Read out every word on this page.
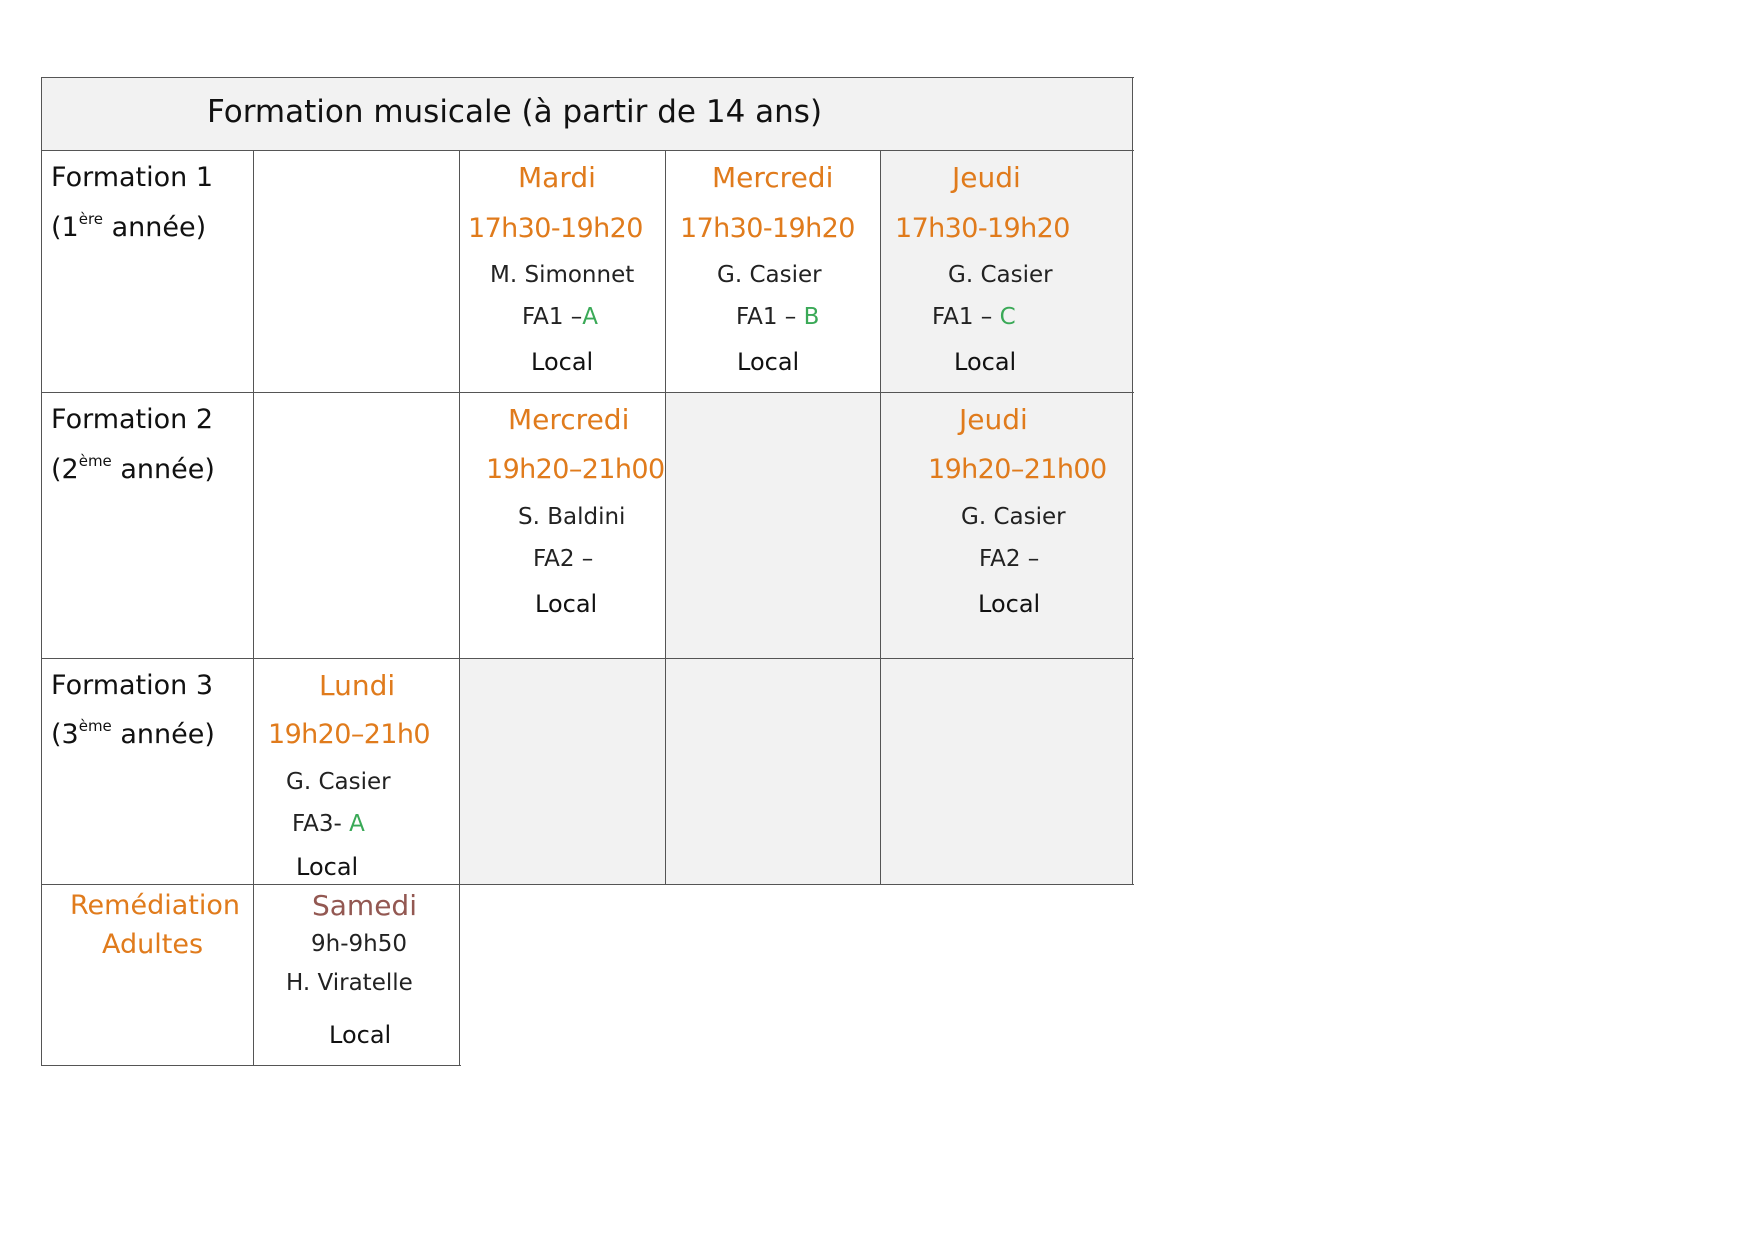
Formation musicale (à partir de 14 ans)
Formation 1
(1ère année)
Formation 2
(2ème année)
Formation 3
(3ème année)
Remédiation
Adultes
Mardi
17h30-19h20
M. Simonnet
FA1 –A
Local
Mercredi
17h30-19h20
G. Casier
FA1 – B
Local
Jeudi
17h30-19h20
G. Casier
FA1 – C
Local
Mercredi
19h20–21h00
S. Baldini
FA2 –
Local
Jeudi
19h20–21h00
G. Casier
FA2 –
Local
Lundi
19h20–21h0
G. Casier
FA3- A
Local
Samedi
9h-9h50
H. Viratelle
Local
